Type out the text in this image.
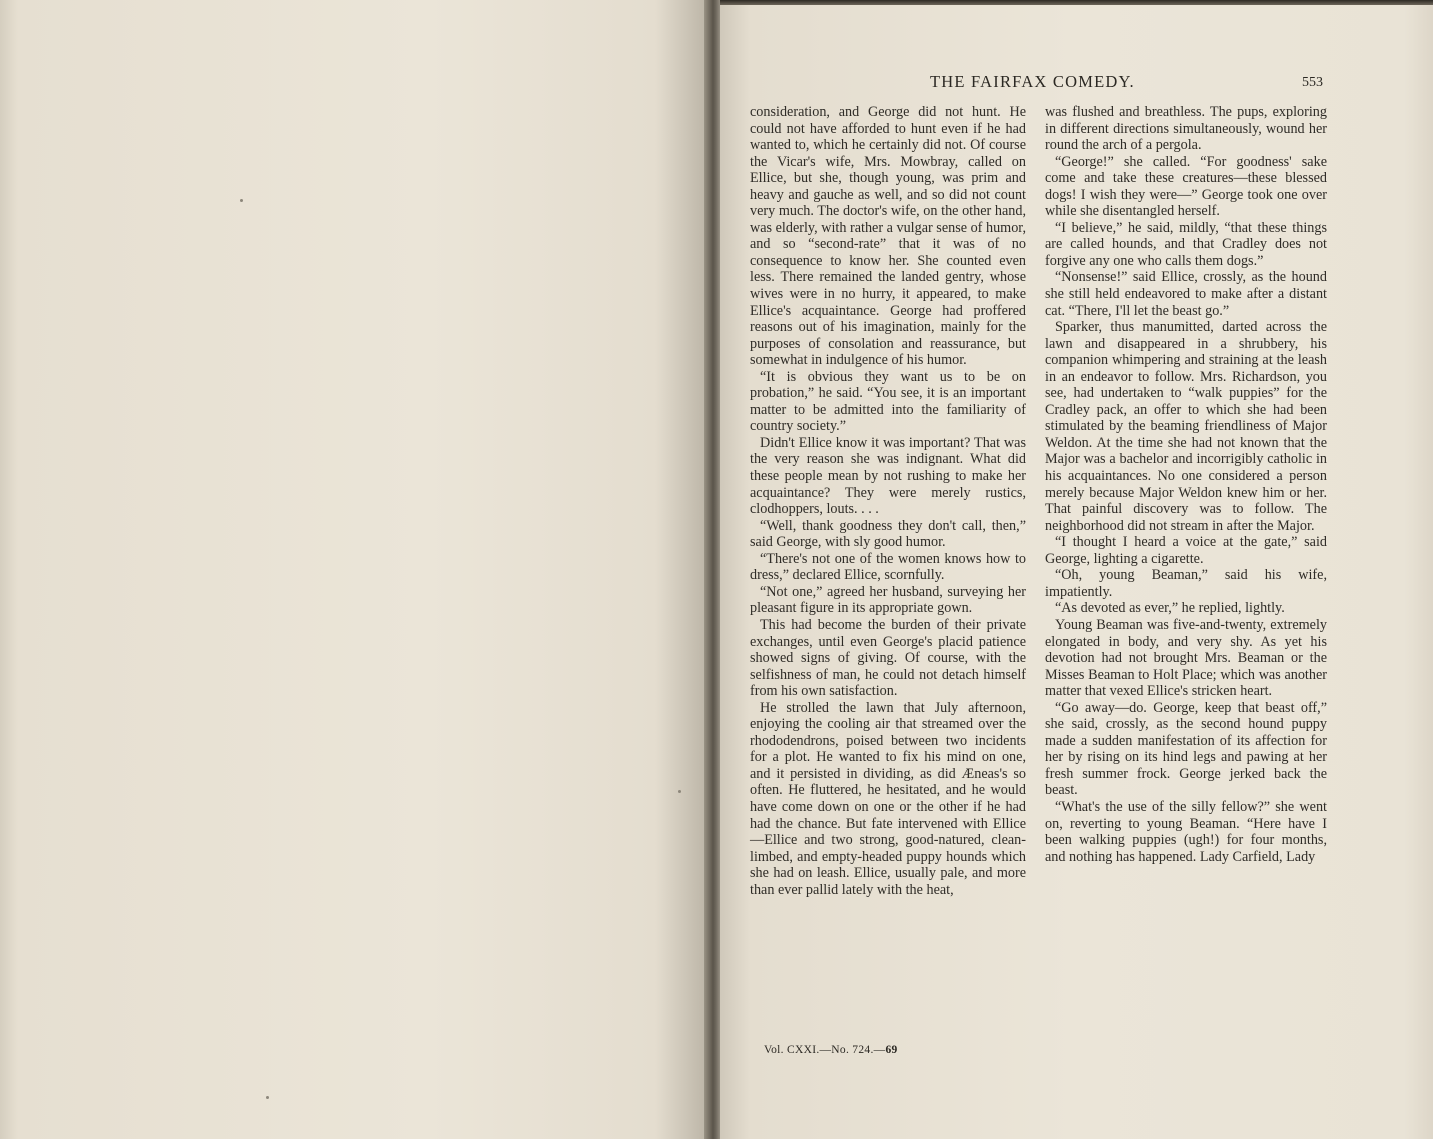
THE FAIRFAX COMEDY.	553

consideration, and George did not hunt. He could not have afforded to hunt even if he had wanted to, which he certainly did not. Of course the Vicar's wife, Mrs. Mowbray, called on Ellice, but she, though young, was prim and heavy and gauche as well, and so did not count very much. The doctor's wife, on the other hand, was elderly, with rather a vulgar sense of humor, and so “second-rate” that it was of no consequence to know her. She counted even less. There remained the landed gentry, whose wives were in no hurry, it appeared, to make Ellice's acquaintance. George had proffered reasons out of his imagination, mainly for the purposes of consolation and reassurance, but somewhat in indulgence of his humor.

“It is obvious they want us to be on probation,” he said. “You see, it is an important matter to be admitted into the familiarity of country society.”

Didn't Ellice know it was important? That was the very reason she was indignant. What did these people mean by not rushing to make her acquaintance? They were merely rustics, clodhoppers, louts. . . .

“Well, thank goodness they don't call, then,” said George, with sly good humor.

“There's not one of the women knows how to dress,” declared Ellice, scornfully.

“Not one,” agreed her husband, surveying her pleasant figure in its appropriate gown.

This had become the burden of their private exchanges, until even George's placid patience showed signs of giving. Of course, with the selfishness of man, he could not detach himself from his own satisfaction.

He strolled the lawn that July afternoon, enjoying the cooling air that streamed over the rhododendrons, poised between two incidents for a plot. He wanted to fix his mind on one, and it persisted in dividing, as did Æneas's so often. He fluttered, he hesitated, and he would have come down on one or the other if he had had the chance. But fate intervened with Ellice—Ellice and two strong, good-natured, clean-limbed, and empty-headed puppy hounds which she had on leash. Ellice, usually pale, and more than ever pallid lately with the heat,

was flushed and breathless. The pups, exploring in different directions simultaneously, wound her round the arch of a pergola.

“George!” she called. “For goodness' sake come and take these creatures—these blessed dogs! I wish they were—” George took one over while she disentangled herself.

“I believe,” he said, mildly, “that these things are called hounds, and that Cradley does not forgive any one who calls them dogs.”

“Nonsense!” said Ellice, crossly, as the hound she still held endeavored to make after a distant cat. “There, I'll let the beast go.”

Sparker, thus manumitted, darted across the lawn and disappeared in a shrubbery, his companion whimpering and straining at the leash in an endeavor to follow. Mrs. Richardson, you see, had undertaken to “walk puppies” for the Cradley pack, an offer to which she had been stimulated by the beaming friendliness of Major Weldon. At the time she had not known that the Major was a bachelor and incorrigibly catholic in his acquaintances. No one considered a person merely because Major Weldon knew him or her. That painful discovery was to follow. The neighborhood did not stream in after the Major.

“I thought I heard a voice at the gate,” said George, lighting a cigarette.

“Oh, young Beaman,” said his wife, impatiently.

“As devoted as ever,” he replied, lightly.

Young Beaman was five-and-twenty, extremely elongated in body, and very shy. As yet his devotion had not brought Mrs. Beaman or the Misses Beaman to Holt Place; which was another matter that vexed Ellice's stricken heart.

“Go away—do. George, keep that beast off,” she said, crossly, as the second hound puppy made a sudden manifestation of its affection for her by rising on its hind legs and pawing at her fresh summer frock. George jerked back the beast.

“What's the use of the silly fellow?” she went on, reverting to young Beaman. “Here have I been walking puppies (ugh!) for four months, and nothing has happened. Lady Carfield, Lady

Vol. CXXI.—No. 724.—69
